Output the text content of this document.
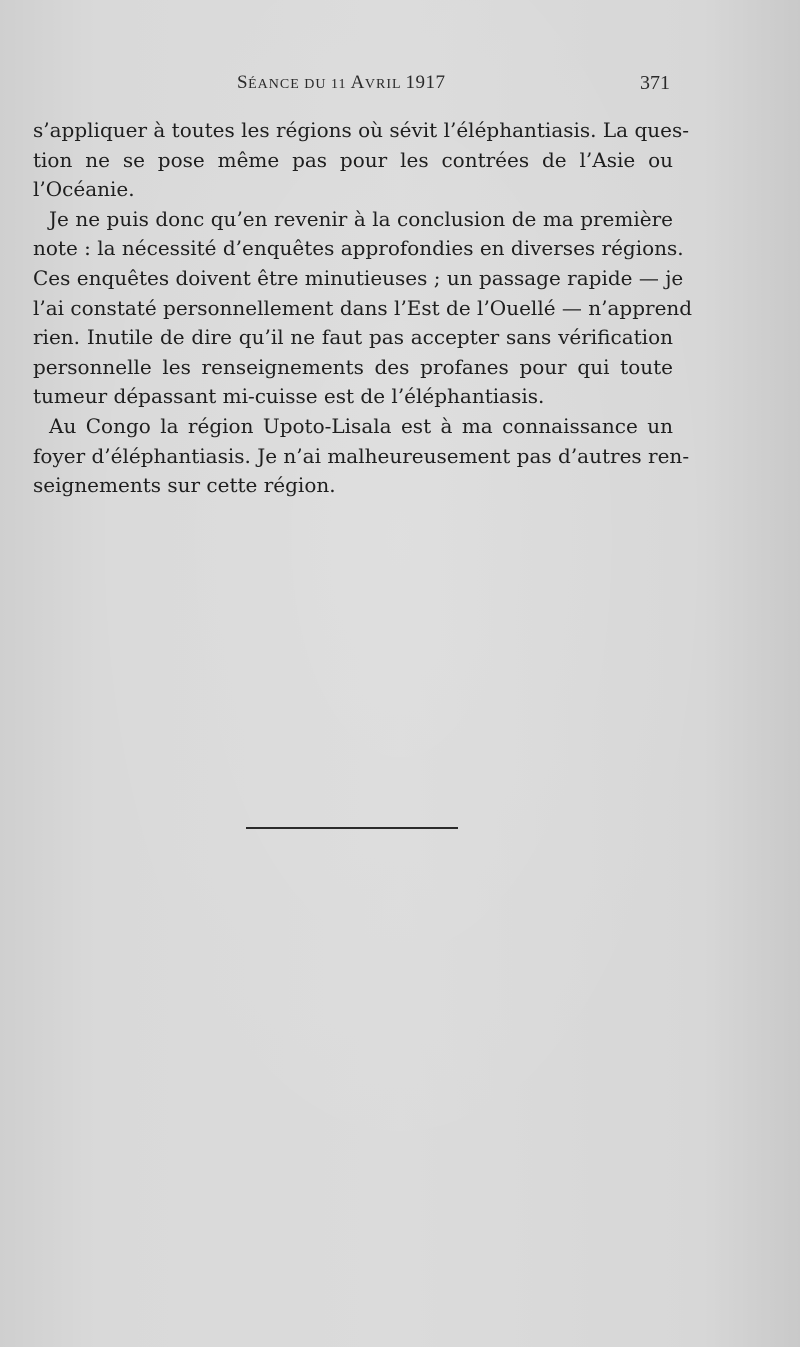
SÉANCE DU 11 AVRIL 1917	371

s’appliquer à toutes les régions où sévit l’éléphantiasis. La ques-
tion ne se pose même pas pour les contrées de l’Asie ou
l’Océanie.

Je ne puis donc qu’en revenir à la conclusion de ma première
note : la nécessité d’enquêtes approfondies en diverses régions.
Ces enquêtes doivent être minutieuses ; un passage rapide — je
l’ai constaté personnellement dans l’Est de l’Ouellé — n’apprend
rien. Inutile de dire qu’il ne faut pas accepter sans vérification
personnelle les renseignements des profanes pour qui toute
tumeur dépassant mi-cuisse est de l’éléphantiasis.

Au Congo la région Upoto-Lisala est à ma connaissance un
foyer d’éléphantiasis. Je n’ai malheureusement pas d’autres ren-
seignements sur cette région.
